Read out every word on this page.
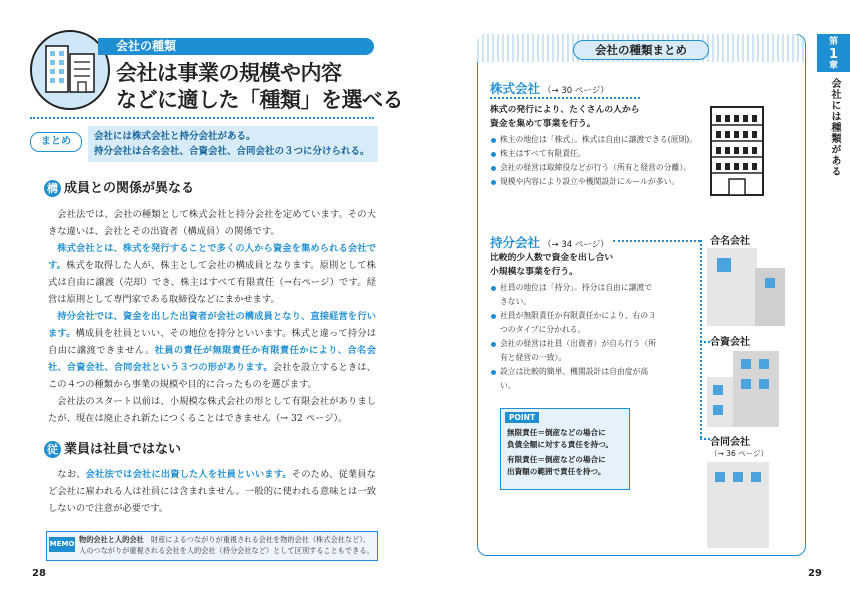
会社の種類
会社は事業の規模や内容
などに適した「種類」を選べる
まとめ	会社には株式会社と持分会社がある。
持分会社は合名会社、合資会社、合同会社の３つに分けられる。
構 成員との関係が異なる

会社法では、会社の種類として株式会社と持分会社を定めています。その大きな違いは、会社とその出資者（構成員）の関係です。

株式会社とは、株式を発行することで多くの人から資金を集められる会社です。株式を取得した人が、株主として会社の構成員となります。原則として株式は自由に譲渡（売却）でき、株主はすべて有限責任（→右ページ）です。経営は原則として専門家である取締役などにまかせます。

持分会社では、資金を出した出資者が会社の構成員となり、直接経営を行います。構成員を社員といい、その地位を持分といいます。株式と違って持分は自由に譲渡できません。社員の責任が無限責任か有限責任かにより、合名会社、合資会社、合同会社という３つの形があります。会社を設立するときは、この４つの種類から事業の規模や目的に合ったものを選びます。

会社法のスタート以前は、小規模な株式会社の形として有限会社がありましたが、現在は廃止され新たにつくることはできません（→ 32 ページ）。

従 業員は社員ではない

なお、会社法では会社に出資した人を社員といいます。そのため、従業員など会社に雇われる人は社員には含まれません。一般的に使われる意味とは一致しないので注意が必要です。

MEMO 物的会社と人的会社　 財産によるつながりが重視される会社を物的会社（株式会社など）、人のつながりが重視される会社を人的会社（持分会社など）として区別することもできる。
28
会社の種類まとめ
第
1
章
会社には種類がある
株式会社 （→ 30 ページ）
株式の発行により、たくさんの人から
資金を集めて事業を行う。
株主の地位は「株式」。株式は自由に譲渡できる(原則)。
株主はすべて有限責任。
会社の経営は取締役などが行う（所有と経営の分離）。
規模や内容により設立や機関設計にルールが多い。
持分会社 （→ 34 ページ）
比較的少人数で資金を出し合い
小規模な事業を行う。
社員の地位は「持分」。持分は自由に譲渡できない。
社員が無限責任か有限責任かにより、右の３つのタイプに分かれる。
会社の経営は社員（出資者）が自ら行う（所有と経営の一致）。
設立は比較的簡単、機関設計は自由度が高い。
POINT
無限責任＝倒産などの場合に
負債全額に対する責任を持つ。
有限責任＝倒産などの場合に
出資額の範囲で責任を持つ。
合名会社
合資会社
合同会社
（→ 36 ページ）
29
